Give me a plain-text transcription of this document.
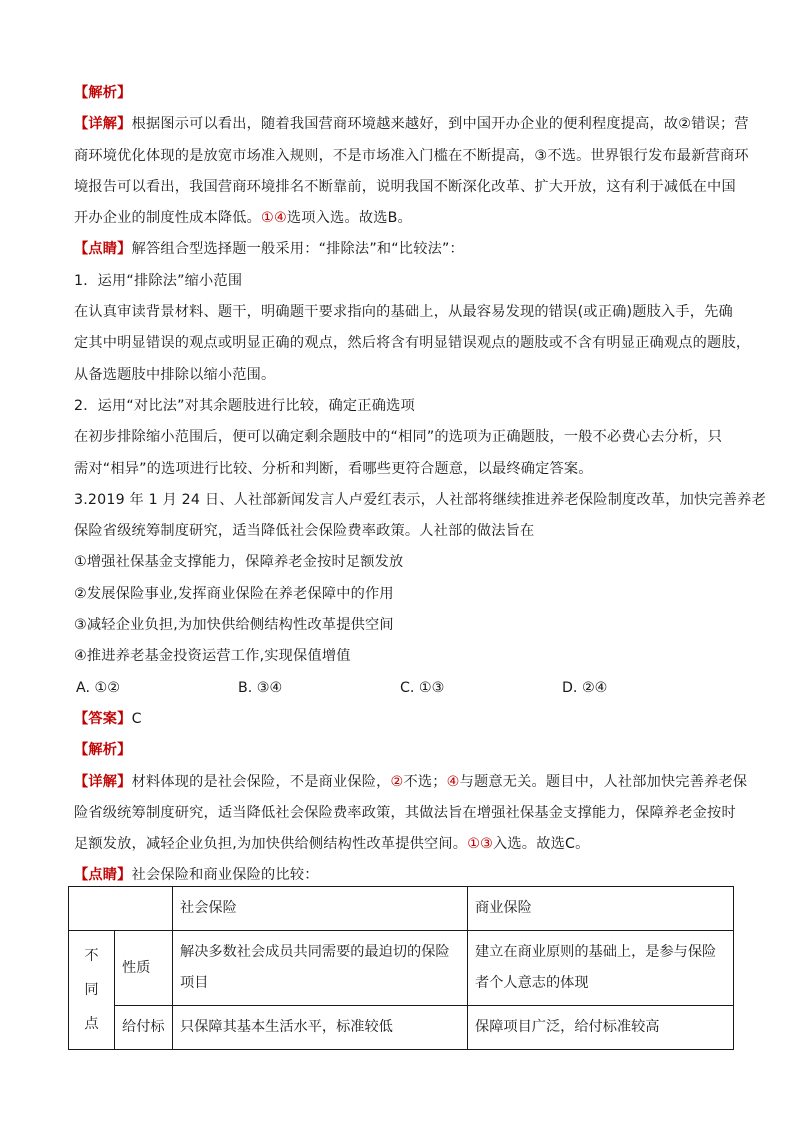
【解析】
【详解】根据图示可以看出，随着我国营商环境越来越好，到中国开办企业的便利程度提高，故②错误；营
商环境优化体现的是放宽市场准入规则，不是市场准入门槛在不断提高，③不选。世界银行发布最新营商环
境报告可以看出，我国营商环境排名不断靠前，说明我国不断深化改革、扩大开放，这有利于减低在中国
开办企业的制度性成本降低。①④选项入选。故选B。
【点睛】解答组合型选择题一般采用：“排除法”和“比较法”：
1．运用“排除法”缩小范围
在认真审读背景材料、题干，明确题干要求指向的基础上，从最容易发现的错误(或正确)题肢入手，先确
定其中明显错误的观点或明显正确的观点，然后将含有明显错误观点的题肢或不含有明显正确观点的题肢，
从备选题肢中排除以缩小范围。
2．运用“对比法”对其余题肢进行比较，确定正确选项
在初步排除缩小范围后，便可以确定剩余题肢中的“相同”的选项为正确题肢，一般不必费心去分析，只
需对“相异”的选项进行比较、分析和判断，看哪些更符合题意，以最终确定答案。
3.2019 年 1 月 24 日、人社部新闻发言人卢爱红表示，人社部将继续推进养老保险制度改革，加快完善养老
保险省级统筹制度研究，适当降低社会保险费率政策。人社部的做法旨在
①增强社保基金支撑能力，保障养老金按时足额发放
②发展保险事业,发挥商业保险在养老保障中的作用
③减轻企业负担,为加快供给侧结构性改革提供空间
④推进养老基金投资运营工作,实现保值增值
A. ①②	B. ③④	C. ①③	D. ②④
【答案】C
【解析】
【详解】材料体现的是社会保险，不是商业保险，②不选；④与题意无关。题目中，人社部加快完善养老保
险省级统筹制度研究，适当降低社会保险费率政策，其做法旨在增强社保基金支撑能力，保障养老金按时
足额发放，减轻企业负担,为加快供给侧结构性改革提供空间。①③入选。故选C。
【点睛】社会保险和商业保险的比较：
		社会保险	商业保险

不
同
点	性质	解决多数社会成员共同需要的最迫切的保险项目	建立在商业原则的基础上，是参与保险者个人意志的体现
	给付标	只保障其基本生活水平，标准较低	保障项目广泛，给付标准较高
